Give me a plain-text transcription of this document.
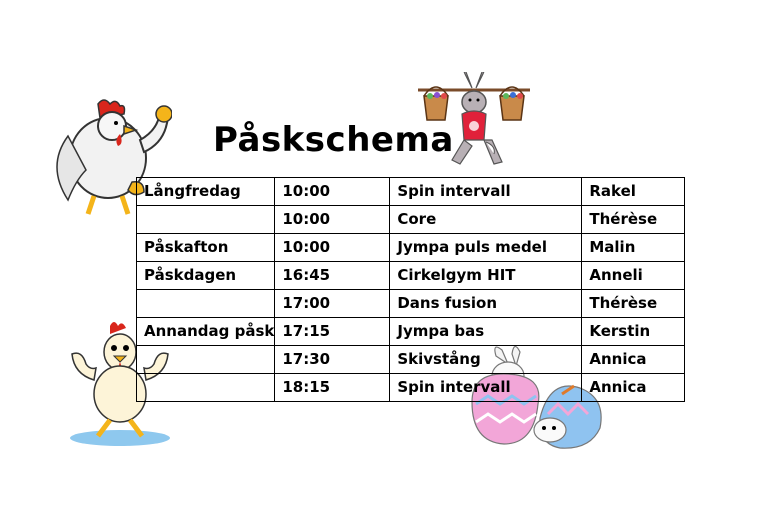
Påskschema
Långfredag	10:00	Spin intervall	Rakel
	10:00	Core	Thérèse
Påskafton	10:00	Jympa puls medel	Malin
Påskdagen	16:45	Cirkelgym HIT	Anneli
	17:00	Dans fusion	Thérèse
Annandag påsk	17:15	Jympa bas	Kerstin
	17:30	Skivstång	Annica
	18:15	Spin intervall	Annica
